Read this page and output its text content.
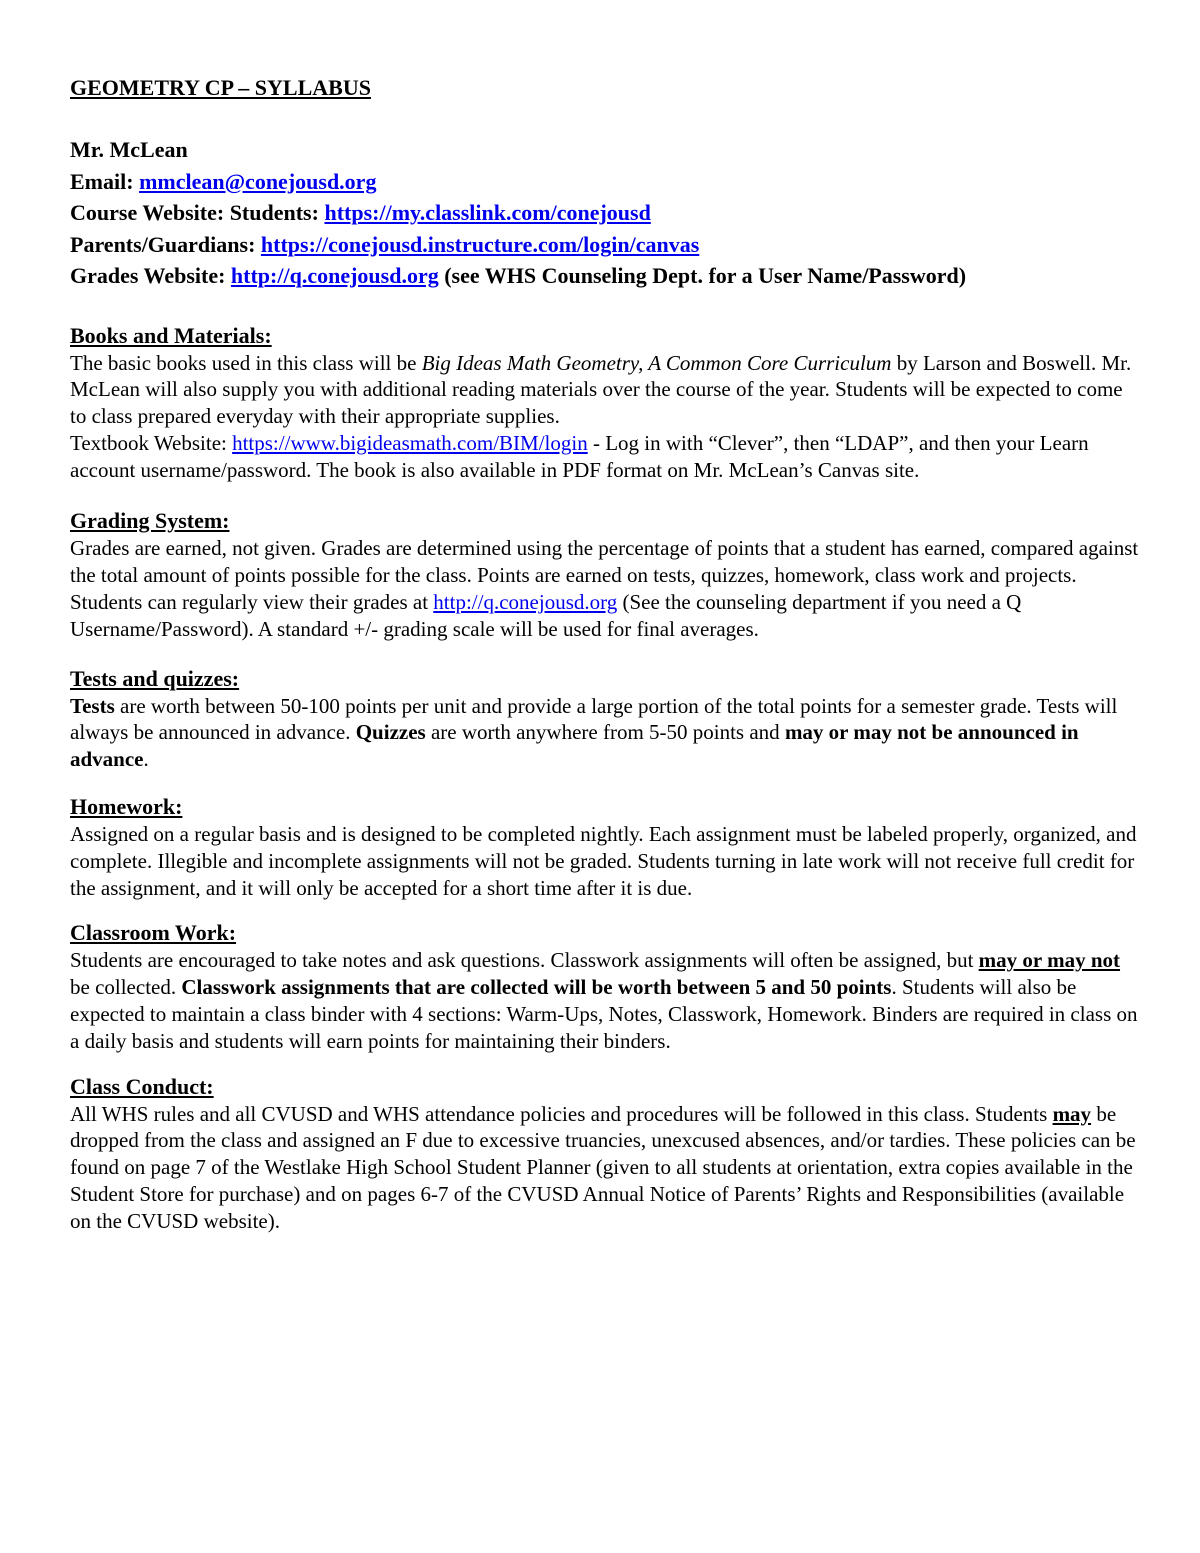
GEOMETRY CP – SYLLABUS
Mr. McLean
Email: mmclean@conejousd.org
Course Website: Students: https://my.classlink.com/conejousd
Parents/Guardians: https://conejousd.instructure.com/login/canvas
Grades Website: http://q.conejousd.org (see WHS Counseling Dept. for a User Name/Password)
Books and Materials:
The basic books used in this class will be Big Ideas Math Geometry, A Common Core Curriculum by Larson and Boswell. Mr. McLean will also supply you with additional reading materials over the course of the year. Students will be expected to come to class prepared everyday with their appropriate supplies.
Textbook Website: https://www.bigideasmath.com/BIM/login - Log in with “Clever”, then “LDAP”, and then your Learn account username/password. The book is also available in PDF format on Mr. McLean’s Canvas site.
Grading System:
Grades are earned, not given. Grades are determined using the percentage of points that a student has earned, compared against the total amount of points possible for the class. Points are earned on tests, quizzes, homework, class work and projects. Students can regularly view their grades at http://q.conejousd.org (See the counseling department if you need a Q Username/Password). A standard +/- grading scale will be used for final averages.
Tests and quizzes:
Tests are worth between 50-100 points per unit and provide a large portion of the total points for a semester grade. Tests will always be announced in advance. Quizzes are worth anywhere from 5-50 points and may or may not be announced in advance.
Homework:
Assigned on a regular basis and is designed to be completed nightly. Each assignment must be labeled properly, organized, and complete. Illegible and incomplete assignments will not be graded. Students turning in late work will not receive full credit for the assignment, and it will only be accepted for a short time after it is due.
Classroom Work:
Students are encouraged to take notes and ask questions. Classwork assignments will often be assigned, but may or may not be collected. Classwork assignments that are collected will be worth between 5 and 50 points. Students will also be expected to maintain a class binder with 4 sections: Warm-Ups, Notes, Classwork, Homework. Binders are required in class on a daily basis and students will earn points for maintaining their binders.
Class Conduct:
All WHS rules and all CVUSD and WHS attendance policies and procedures will be followed in this class. Students may be dropped from the class and assigned an F due to excessive truancies, unexcused absences, and/or tardies. These policies can be found on page 7 of the Westlake High School Student Planner (given to all students at orientation, extra copies available in the Student Store for purchase) and on pages 6-7 of the CVUSD Annual Notice of Parents’ Rights and Responsibilities (available on the CVUSD website).
